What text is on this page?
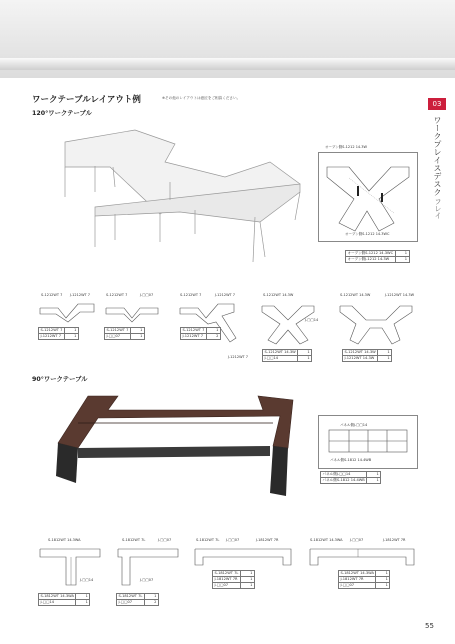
ワークテーブルレイアウト例	※その他のレイアウトは意匠をご相談ください。
03
ワークプレイスデスク
フレイ
120°ワークテーブル
オープン側S-1212 14.3W
オープン側S-1212 14.3WC
オープン側S-1212 14.3WC	1
オープン側J-1212 14.3W	1
S-1212WT 7 J-1212WT 7
S-1212WT 7	1
J-1212WT 7	1
S-1212WT 7	J-□□07
S-1212WT 7	1
J-□□07	1
S-1212WT 7	J-1212WT 7
S-1212WT 7	1
J-1212WT 7	2
J-1212WT 7
S-1212WT 14.3W
J-□□14
S-1212WT 14.3W	1
J-□□14	1
S-1212WT 14.3W	J-1212WT 14.3W
S-1212WT 14.3W	1
J-1212WT 14.3W	1
90°ワークテーブル
パネル側J-□□14
パネル側S-1812 14.4WB
パネル側J-□□14	1
パネル側S-1812 14.4WB	1
S-1812WT 14.3WA
J-□□14
S-1812WT 14.3WA	1
J-□□14	1
S-1812WT 7L	J-□□07
J-□□07
S-1812WT 7L	1
J-□□07	2
S-1812WT 7L J-□□07	J-1812WT 7R
S-1812WT 7L	1
J-1812WT 7R	1
J-□□07	1
S-1812WT 14.3WA J-□□07	J-1812WT 7R
S-1812WT 14.3WA	1
J-1812WT 7R	1
J-□□07	1
55
